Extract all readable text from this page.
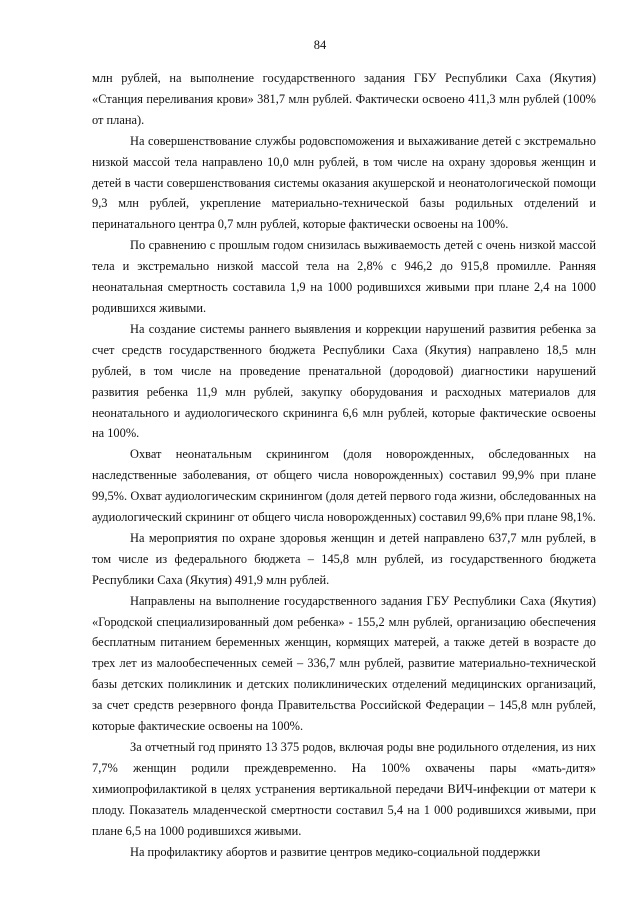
84

млн рублей, на выполнение государственного задания ГБУ Республики Саха (Якутия) «Станция переливания крови» 381,7 млн рублей. Фактически освоено 411,3 млн рублей (100% от плана).

На совершенствование службы родовспоможения и выхаживание детей с экстремально низкой массой тела направлено 10,0 млн рублей, в том числе на охрану здоровья женщин и детей в части совершенствования системы оказания акушерской и неонатологической помощи 9,3 млн рублей, укрепление материально-технической базы родильных отделений и перинатального центра 0,7 млн рублей, которые фактически освоены на 100%.

По сравнению с прошлым годом снизилась выживаемость детей с очень низкой массой тела и экстремально низкой массой тела на 2,8% с 946,2 до 915,8 промилле. Ранняя неонатальная смертность составила 1,9 на 1000 родившихся живыми при плане 2,4 на 1000 родившихся живыми.

На создание системы раннего выявления и коррекции нарушений развития ребенка за счет средств государственного бюджета Республики Саха (Якутия) направлено 18,5 млн рублей, в том числе на проведение пренатальной (дородовой) диагностики нарушений развития ребенка 11,9 млн рублей, закупку оборудования и расходных материалов для неонатального и аудиологического скрининга 6,6 млн рублей, которые фактические освоены на 100%.

Охват неонатальным скринингом (доля новорожденных, обследованных на наследственные заболевания, от общего числа новорожденных) составил 99,9% при плане 99,5%. Охват аудиологическим скринингом (доля детей первого года жизни, обследованных на аудиологический скрининг от общего числа новорожденных) составил 99,6% при плане 98,1%.

На мероприятия по охране здоровья женщин и детей направлено 637,7 млн рублей, в том числе из федерального бюджета – 145,8 млн рублей, из государственного бюджета Республики Саха (Якутия) 491,9 млн рублей.

Направлены на выполнение государственного задания ГБУ Республики Саха (Якутия) «Городской специализированный дом ребенка» - 155,2 млн рублей, организацию обеспечения бесплатным питанием беременных женщин, кормящих матерей, а также детей в возрасте до трех лет из малообеспеченных семей – 336,7 млн рублей, развитие материально-технической базы детских поликлиник и детских поликлинических отделений медицинских организаций, за счет средств резервного фонда Правительства Российской Федерации – 145,8 млн рублей, которые фактические освоены на 100%.

За отчетный год принято 13 375 родов, включая роды вне родильного отделения, из них 7,7% женщин родили преждевременно. На 100% охвачены пары «мать-дитя» химиопрофилактикой в целях устранения вертикальной передачи ВИЧ-инфекции от матери к плоду. Показатель младенческой смертности составил 5,4 на 1 000 родившихся живыми, при плане 6,5 на 1000 родившихся живыми.

На профилактику абортов и развитие центров медико-социальной поддержки
